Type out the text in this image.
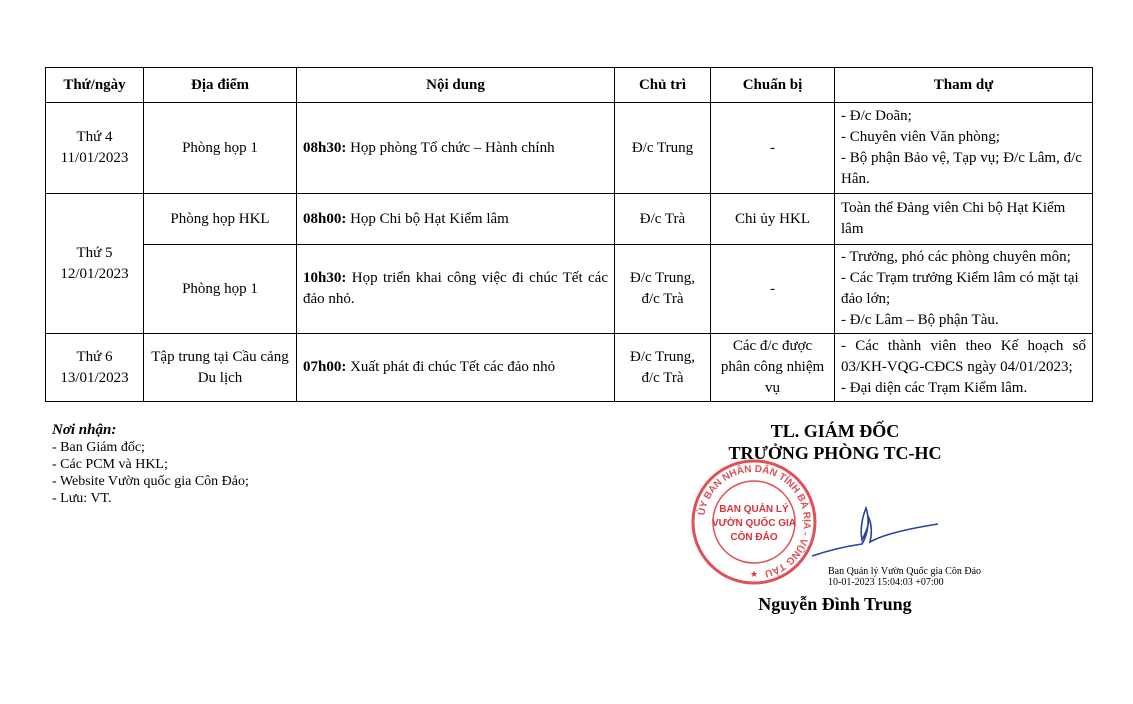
Thứ/ngày	Địa điểm	Nội dung	Chủ trì	Chuẩn bị	Tham dự

Thứ 4
11/01/2023	Phòng họp 1	08h30: Họp phòng Tổ chức – Hành chính	Đ/c Trung	-	- Đ/c Doãn;
- Chuyên viên Văn phòng;
- Bộ phận Bảo vệ, Tạp vụ; Đ/c Lâm, đ/c Hân.

Thứ 5
12/01/2023	Phòng họp HKL	08h00: Họp Chi bộ Hạt Kiểm lâm	Đ/c Trà	Chi ủy HKL	Toàn thể Đảng viên Chi bộ Hạt Kiểm lâm

	Phòng họp 1	10h30: Họp triển khai công việc đi chúc Tết các đảo nhỏ.	Đ/c Trung, đ/c Trà	-	- Trưởng, phó các phòng chuyên môn;
- Các Trạm trưởng Kiểm lâm có mặt tại đảo lớn;
- Đ/c Lâm – Bộ phận Tàu.

Thứ 6
13/01/2023	Tập trung tại Cầu cảng Du lịch	07h00: Xuất phát đi chúc Tết các đảo nhỏ	Đ/c Trung, đ/c Trà	Các đ/c được phân công nhiệm vụ	- Các thành viên theo Kế hoạch số 03/KH-VQG-CĐCS ngày 04/01/2023;
- Đại diện các Trạm Kiểm lâm.
Nơi nhận:
- Ban Giám đốc;
- Các PCM và HKL;
- Website Vườn quốc gia Côn Đảo;
- Lưu: VT.
TL. GIÁM ĐỐC
TRƯỞNG PHÒNG TC-HC
ỦY BAN NHÂN DÂN TỈNH BÀ RỊA - VŨNG TÀU
BAN QUẢN LÝ
VƯỜN QUỐC GIA
CÔN ĐẢO
★	Ban Quản lý Vườn Quốc gia Côn Đảo
10-01-2023 15:04:03 +07:00
Nguyễn Đình Trung
